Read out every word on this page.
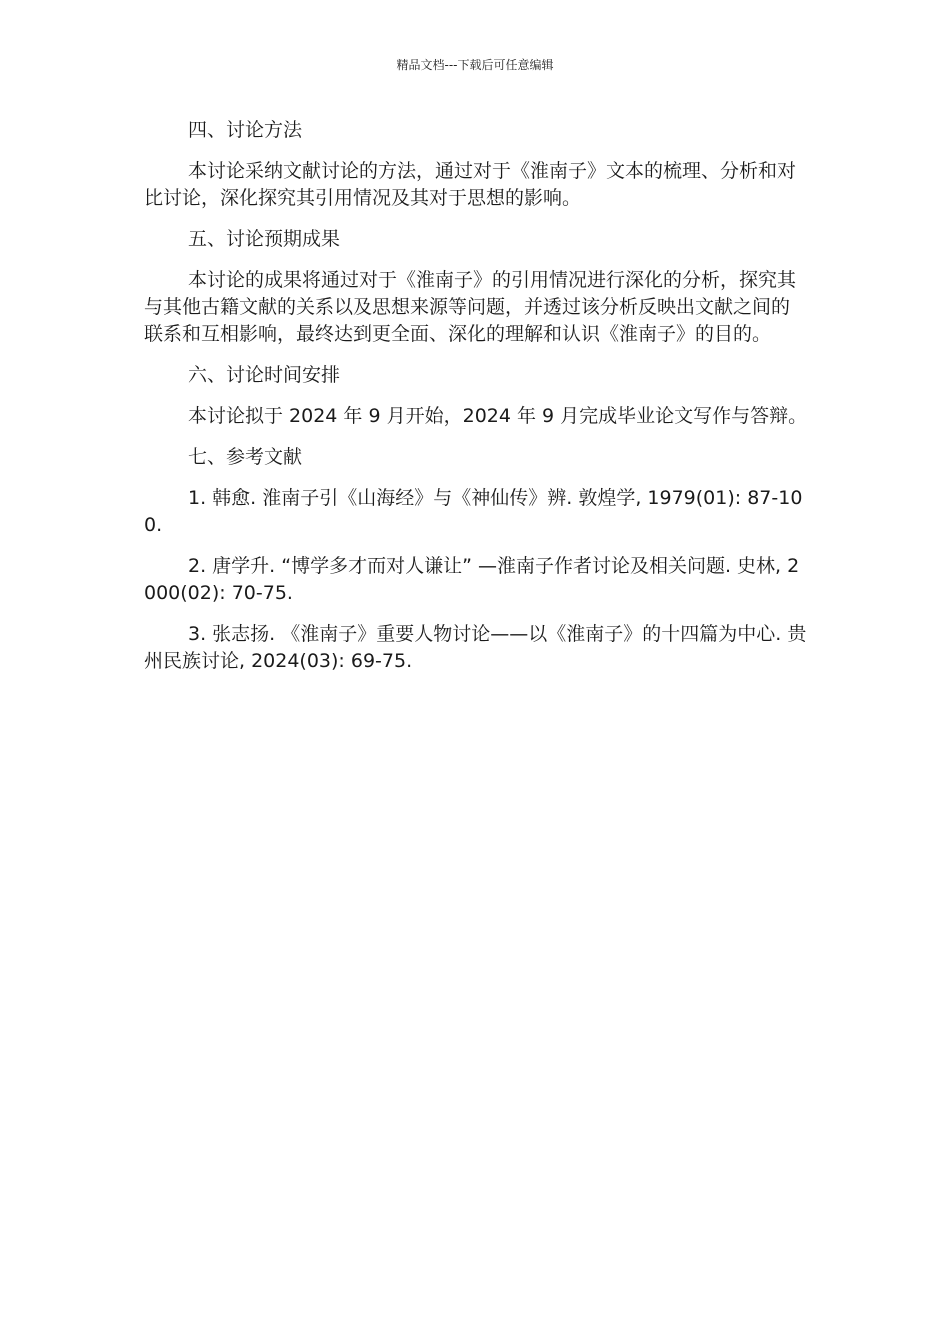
精品文档---下载后可任意编辑
四、讨论方法
本讨论采纳文献讨论的方法，通过对于《淮南子》文本的梳理、分析和对比讨论，深化探究其引用情况及其对于思想的影响。
五、讨论预期成果
本讨论的成果将通过对于《淮南子》的引用情况进行深化的分析，探究其与其他古籍文献的关系以及思想来源等问题，并透过该分析反映出文献之间的联系和互相影响，最终达到更全面、深化的理解和认识《淮南子》的目的。
六、讨论时间安排
本讨论拟于 2024 年 9 月开始，2024 年 9 月完成毕业论文写作与答辩。
七、参考文献
1. 韩愈. 淮南子引《山海经》与《神仙传》辨. 敦煌学, 1979(01): 87-100.
2. 唐学升. “博学多才而对人谦让” —淮南子作者讨论及相关问题. 史林, 2000(02): 70-75.
3. 张志扬. 《淮南子》重要人物讨论——以《淮南子》的十四篇为中心. 贵州民族讨论, 2024(03): 69-75.
